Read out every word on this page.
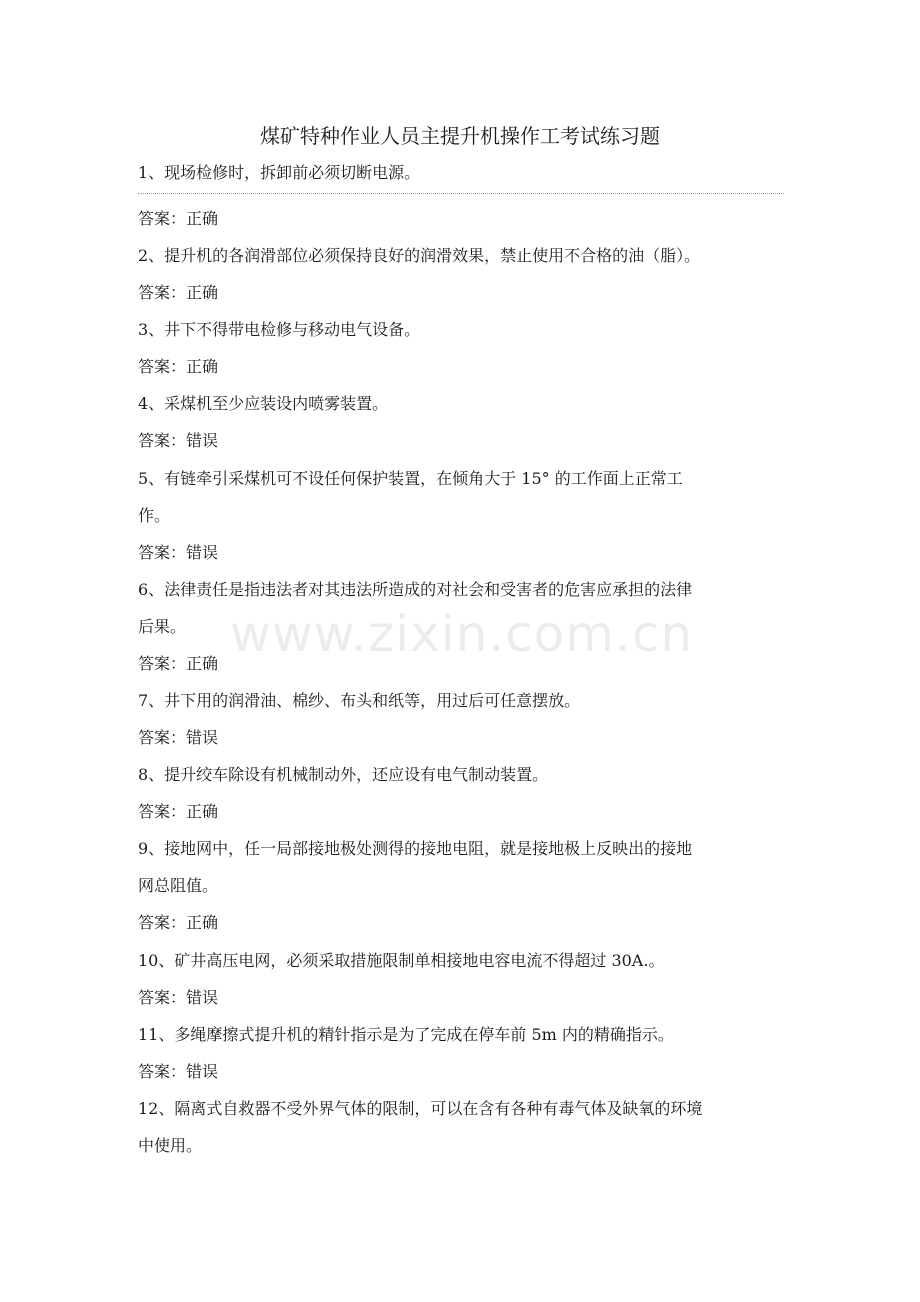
煤矿特种作业人员主提升机操作工考试练习题
1、现场检修时，拆卸前必须切断电源。
答案：正确
2、提升机的各润滑部位必须保持良好的润滑效果，禁止使用不合格的油（脂）。
答案：正确
3、井下不得带电检修与移动电气设备。
答案：正确
4、采煤机至少应装设内喷雾装置。
答案：错误
5、有链牵引采煤机可不设任何保护装置，在倾角大于 15° 的工作面上正常工
作。
答案：错误
6、法律责任是指违法者对其违法所造成的对社会和受害者的危害应承担的法律
后果。
答案：正确
7、井下用的润滑油、棉纱、布头和纸等，用过后可任意摆放。
答案：错误
8、提升绞车除设有机械制动外，还应设有电气制动装置。
答案：正确
9、接地网中，任一局部接地极处测得的接地电阻，就是接地极上反映出的接地
网总阻值。
答案：正确
10、矿井高压电网，必须采取措施限制单相接地电容电流不得超过 30A.。
答案：错误
11、多绳摩擦式提升机的精针指示是为了完成在停车前 5m 内的精确指示。
答案：错误
12、隔离式自救器不受外界气体的限制，可以在含有各种有毒气体及缺氧的环境
中使用。
www.zixin.com.cn
